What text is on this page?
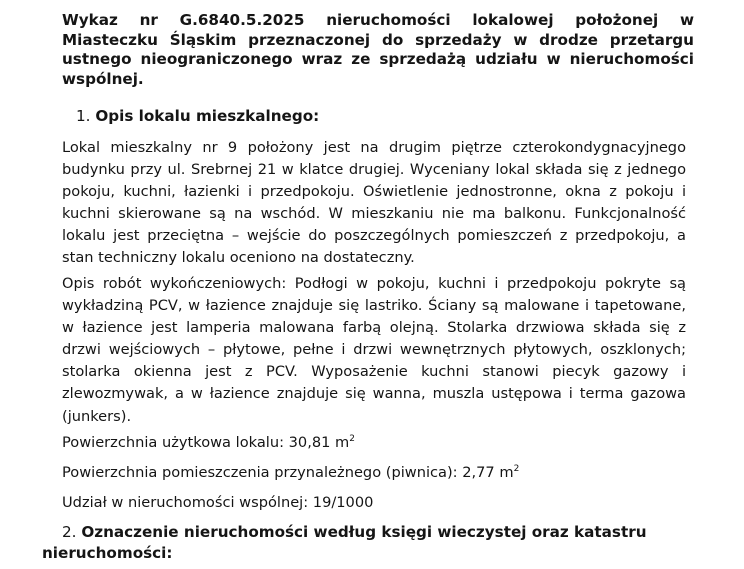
Wykaz nr G.6840.5.2025 nieruchomości lokalowej położonej w Miasteczku Śląskim przeznaczonej do sprzedaży w drodze przetargu ustnego nieograniczonego wraz ze sprzedażą udziału w nieruchomości wspólnej.
1. Opis lokalu mieszkalnego:
Lokal mieszkalny nr 9 położony jest na drugim piętrze czterokondygnacyjnego budynku przy ul. Srebrnej 21 w klatce drugiej. Wyceniany lokal składa się z jednego pokoju, kuchni, łazienki i przedpokoju. Oświetlenie jednostronne, okna z pokoju i kuchni skierowane są na wschód. W mieszkaniu nie ma balkonu. Funkcjonalność lokalu jest przeciętna – wejście do poszczególnych pomieszczeń z przedpokoju, a stan techniczny lokalu oceniono na dostateczny.
Opis robót wykończeniowych: Podłogi w pokoju, kuchni i przedpokoju pokryte są wykładziną PCV, w łazience znajduje się lastriko. Ściany są malowane i tapetowane, w łazience jest lamperia malowana farbą olejną. Stolarka drzwiowa składa się z drzwi wejściowych – płytowe, pełne i drzwi wewnętrznych płytowych, oszklonych; stolarka okienna jest z PCV. Wyposażenie kuchni stanowi piecyk gazowy i zlewozmywak, a w łazience znajduje się wanna, muszla ustępowa i terma gazowa (junkers).
Powierzchnia użytkowa lokalu: 30,81 $m^2$
Powierzchnia pomieszczenia przynależnego (piwnica): 2,77 $m^2$
Udział w nieruchomości wspólnej: 19/1000
2. Oznaczenie nieruchomości według księgi wieczystej oraz katastru
nieruchomości:
